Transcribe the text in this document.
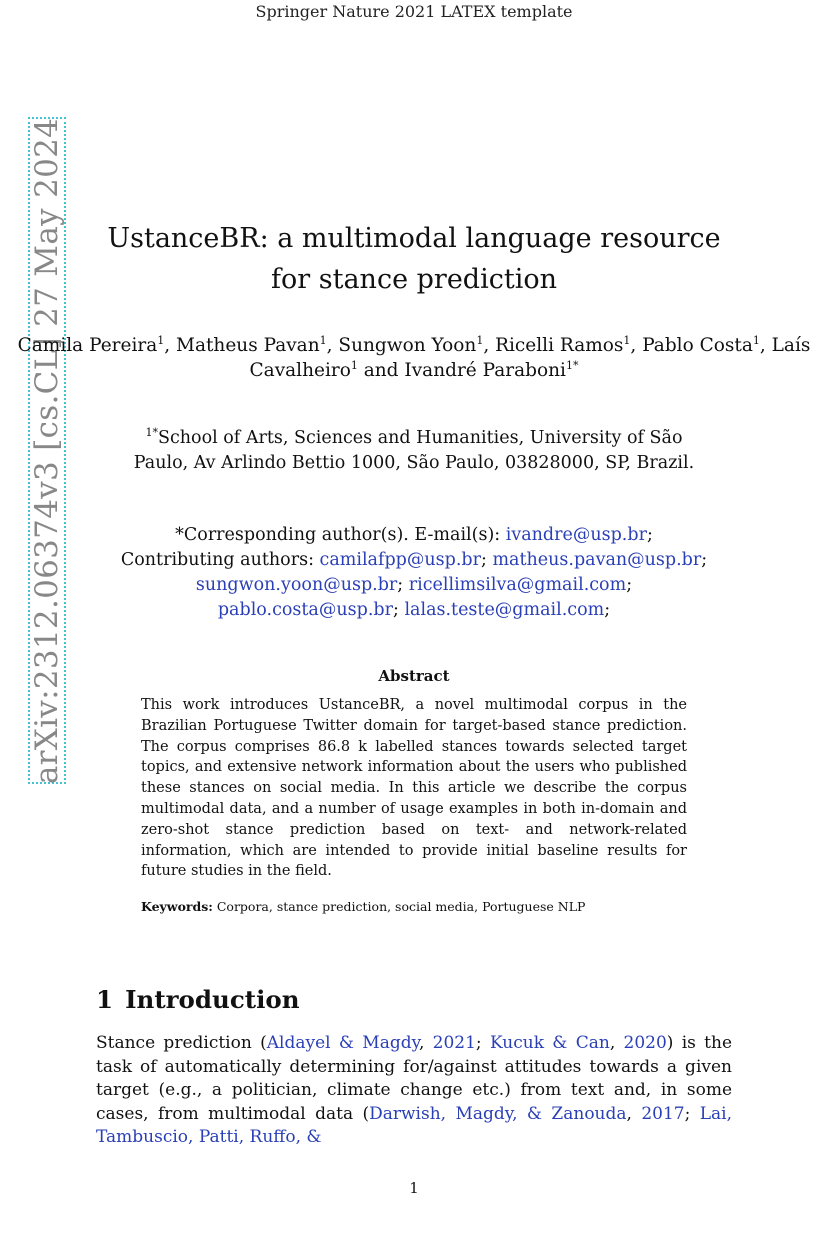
Springer Nature 2021 LATEX template
arXiv:2312.06374v3 [cs.CL] 27 May 2024	UstanceBR: a multimodal language resource
for stance prediction
Camila Pereira$^1$, Matheus Pavan$^1$, Sungwon Yoon$^1$, Ricelli Ramos$^1$, Pablo Costa$^1$, Laís Cavalheiro$^1$ and Ivandré Paraboni$^{1*}$
$^{1*}$School of Arts, Sciences and Humanities, University of São
Paulo, Av Arlindo Bettio 1000, São Paulo, 03828000, SP, Brazil.
*Corresponding author(s). E-mail(s): ivandre@usp.br;
Contributing authors: camilafpp@usp.br; matheus.pavan@usp.br;
sungwon.yoon@usp.br; ricellimsilva@gmail.com;
pablo.costa@usp.br; lalas.teste@gmail.com;
Abstract
This work introduces UstanceBR, a novel multimodal corpus in the Brazilian Portuguese Twitter domain for target-based stance prediction. The corpus comprises 86.8 k labelled stances towards selected target topics, and extensive network information about the users who published these stances on social media. In this article we describe the corpus multimodal data, and a number of usage examples in both in-domain and zero-shot stance prediction based on text- and network-related information, which are intended to provide initial baseline results for future studies in the field.
Keywords: Corpora, stance prediction, social media, Portuguese NLP
1 Introduction
Stance prediction (Aldayel & Magdy, 2021; Kucuk & Can, 2020) is the task of automatically determining for/against attitudes towards a given target (e.g., a politician, climate change etc.) from text and, in some cases, from multimodal data (Darwish, Magdy, & Zanouda, 2017; Lai, Tambuscio, Patti, Ruffo, &
1
